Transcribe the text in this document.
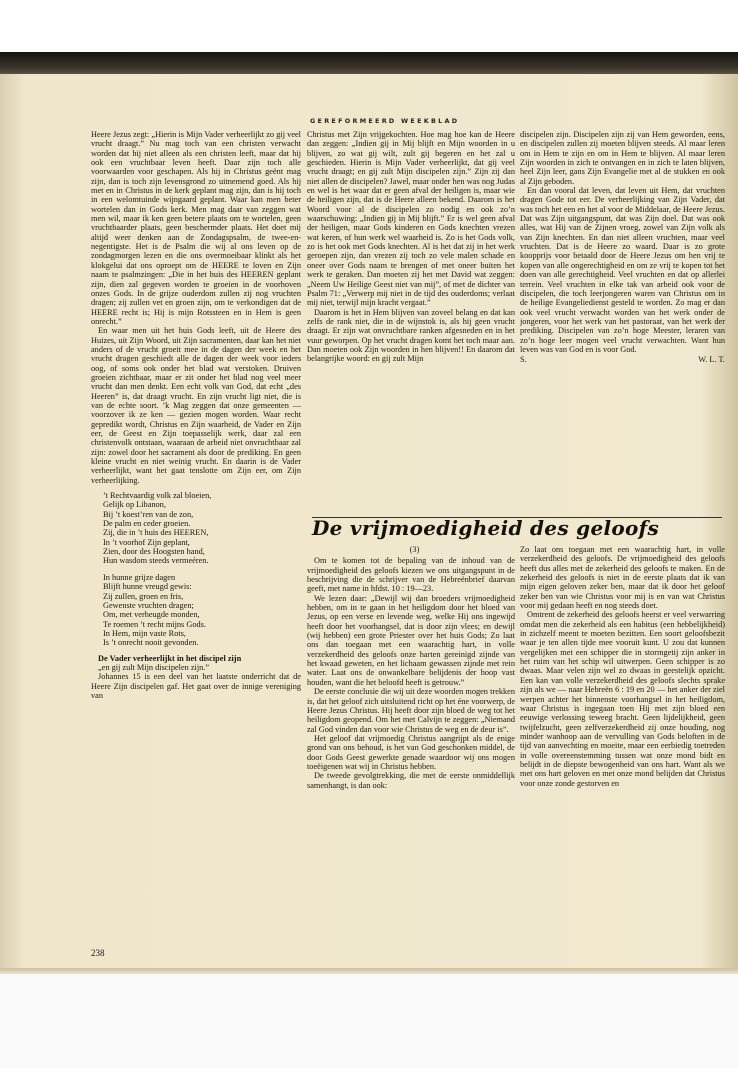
GEREFORMEERD WEEKBLAD

Heere Jezus zegt: „Hierin is Mijn Vader verheerlijkt zo gij veel vrucht draagt.” Nu mag toch van een christen verwacht worden dat hij niet alleen als een christen leeft, maar dat hij ook een vruchtbaar leven heeft. Daar zijn toch alle voorwaarden voor geschapen. Als hij in Christus geënt mag zijn, dan is toch zijn levensgrond zo uitnemend goed. Als hij met en in Christus in de kerk geplant mag zijn, dan is hij toch in een welomtuinde wijngaard geplant. Waar kan men beter wortelen dan in Gods kerk. Men mag daar van zeggen wat men wil, maar ik ken geen betere plaats om te wortelen, geen vruchtbaarder plaats, geen beschermder plaats. Het doet mij altijd weer denken aan de Zondagspsalm, de twee-en-negentigste. Het is de Psalm die wij al ons leven op de zondagmorgen lezen en die ons overmoeibaar klinkt als het klokgelui dat ons oproept om de HEERE te loven en Zijn naam te psalmzingen: „Die in het huis des HEEREN geplant zijn, dien zal gegeven worden te groeien in de voorhoven onzes Gods. In de grijze ouderdom zullen zij nog vruchten dragen; zij zullen vet en groen zijn, om te verkondigen dat de HEERE recht is; Hij is mijn Rotssteen en in Hem is geen onrecht.”

En waar men uit het huis Gods leeft, uit de Heere des Huizes, uit Zijn Woord, uit Zijn sacramenten, daar kan het niet anders of de vrucht groeit mee in de dagen der week en het vrucht dragen geschiedt alle de dagen der week voor ieders oog, of soms ook onder het blad wat verstoken. Druiven groeien zichtbaar, maar er zit onder het blad nog veel meer vrucht dan men denkt. Een echt volk van God, dat echt „des Heeren” is, dat draagt vrucht. En zijn vrucht ligt niet, die is van de echte soort. ’k Mag zeggen dat onze gemeenten — voorzover ik ze ken — gezien mogen worden. Waar recht gepredikt wordt, Christus en Zijn waarheid, de Vader en Zijn eer, de Geest en Zijn toepasselijk werk, daar zal een christenvolk ontstaan, waaraan de arbeid niet onvruchtbaar zal zijn: zowel door het sacrament als door de prediking. En geen kleine vrucht en niet weinig vrucht. En daarin is de Vader verheerlijkt, want het gaat tenslotte om Zijn eer, om Zijn verheerlijking.

’t Rechtvaardig volk zal bloeien,
Gelijk op Libanon,
Bij ’t koest’ren van de zon,
De palm en ceder groeien.
Zij, die in ’t huis des HEEREN,
In ’t voorhof Zijn geplant,
Zien, door des Hoogsten hand,
Hun wasdom steeds vermeéren.
In hunne grijze dagen
Blijft hunne vreugd gewis:
Zij zullen, groen en fris,
Gewenste vruchten dragen;
Om, met verheugde monden,
Te roemen ’t recht mijns Gods.
In Hem, mijn vaste Rots,
Is ’t onrecht nooit gevonden.

De Vader verheerlijkt in het discipel zijn

„en gij zult Mijn discipelen zijn.”

Johannes 15 is een deel van het laatste onderricht dat de Heere Zijn discipelen gaf. Het gaat over de innige vereniging van

Christus met Zijn vrijgekochten. Hoe mag hoe kan de Heere dan zeggen: „Indien gij in Mij blijft en Mijn woorden in u blijven, zo wat gij wilt, zult gij begeren en het zal u geschieden. Hierin is Mijn Vader verheerlijkt, dat gij veel vrucht draagt; en gij zult Mijn discipelen zijn.” Zijn zij dan niet allen de discipelen? Jawel, maar onder hen was nog Judas en wel is het waar dat er geen afval der heiligen is, maar wie de heiligen zijn, dat is de Heere alleen bekend. Daarom is het Woord voor al de discipelen zo nodig en ook zo’n waarschuwing: „Indien gij in Mij blijft.” Er is wel geen afval der heiligen, maar Gods kinderen en Gods knechten vrezen wat keren, of hun werk wel waarheid is. Zo is het Gods volk, zo is het ook met Gods knechten. Al is het dat zij in het werk geroepen zijn, dan vrezen zij toch zo vele malen schade en oneer over Gods naam te brengen of met oneer buiten het werk te geraken. Dan moeten zij het met David wat zeggen: „Neem Uw Heilige Geest niet van mij”, of met de dichter van Psalm 71: „Verwerp mij niet in de tijd des ouderdoms; verlaat mij niet, terwijl mijn kracht vergaat.”

Daarom is het in Hem blijven van zoveel belang en dat kan zelfs de rank niet, die in de wijnstok is, als hij geen vrucht draagt. Er zijn wat onvruchtbare ranken afgesneden en in het vuur geworpen. Op het vrucht dragen komt het toch maar aan. Dan moeten ook Zijn woorden in hen blijven!! En daarom dat belangrijke woord: en gij zult Mijn

discipelen zijn. Discipelen zijn zij van Hem geworden, eens, en discipelen zullen zij moeten blijven steeds. Al maar leren om in Hem te zijn en om in Hem te blijven. Al maar leren Zijn woorden in zich te ontvangen en in zich te laten blijven, heel Zijn leer, gans Zijn Evangelie met al de stukken en ook al Zijn geboden.

En dan vooral dat leven, dat leven uit Hem, dat vruchten dragen Gode tot eer. De verheerlijking van Zijn Vader, dat was toch het een en het al voor de Middelaar, de Heere Jezus. Dat was Zijn uitgangspunt, dat was Zijn doel. Dat was ook alles, wat Hij van de Zijnen vroeg, zowel van Zijn volk als van Zijn knechten. En dan niet alleen vruchten, maar veel vruchten. Dat is de Heere zo waard. Daar is zo grote koopprijs voor betaald door de Heere Jezus om hen vrij te kopen van alle ongerechtigheid en om ze vrij te kopen tot het doen van alle gerechtigheid. Veel vruchten en dat op allerlei terrein. Veel vruchten in elke tak van arbeid ook voor de discipelen, die toch leerjongeren waren van Christus om in de heilige Evangeliedienst gesteld te worden. Zo mag er dan ook veel vrucht verwacht worden van het werk onder de jongeren, voor het werk van het pastoraat, van het werk der prediking. Discipelen van zo’n hoge Meester, leraren van zo’n hoge leer mogen veel vrucht verwachten. Want hun leven was van God en is voor God.

S.	W. L. T.
De vrijmoedigheid des geloofs

(3)

Om te komen tot de bepaling van de inhoud van de vrijmoedigheid des geloofs kiezen we ons uitgangspunt in de beschrijving die de schrijver van de Hebreënbrief daarvan geeft, met name in hfdst. 10 : 19—23.

We lezen daar: „Dewijl wij dan broeders vrijmoedigheid hebben, om in te gaan in het heiligdom door het bloed van Jezus, op een verse en levende weg, welke Hij ons ingewijd heeft door het voorhangsel, dat is door zijn vlees; en dewijl (wij hebben) een grote Priester over het huis Gods; Zo laat ons dan toegaan met een waarachtig hart, in volle verzekerdheid des geloofs onze harten gereinigd zijnde van het kwaad geweten, en het lichaam gewassen zijnde met rein water. Laat ons de onwankelbare belijdenis der hoop vast houden, want die het beloofd heeft is getrouw.”

De eerste conclusie die wij uit deze woorden mogen trekken is, dat het geloof zich uitsluitend richt op het éne voorwerp, de Heere Jezus Christus. Hij heeft door zijn bloed de weg tot het heiligdom geopend. Om het met Calvijn te zeggen: „Niemand zal God vinden dan voor wie Christus de weg en de deur is”.

Het geloof dat vrijmoedig Christus aangrijpt als de enige grond van ons behoud, is het van God geschonken middel, de door Gods Geest gewerkte genade waardoor wij ons mogen toeëigenen wat wij in Christus hebben.

De tweede gevolgtrekking, die met de eerste onmiddellijk samenhangt, is dan ook:

Zo laat ons toegaan met een waarachtig hart, in volle verzekerdheid des geloofs. De vrijmoedigheid des geloofs heeft dus alles met de zekerheid des geloofs te maken. En de zekerheid des geloofs is niet in de eerste plaats dat ik van mijn eigen geloven zeker ben, maar dat ik door het geloof zeker ben van wie Christus voor mij is en van wat Christus voor mij gedaan heeft en nog steeds doet.

Omtrent de zekerheid des geloofs heerst er veel verwarring omdat men die zekerheid als een habitus (een hebbelijkheid) in zichzelf meent te moeten bezitten. Een soort geloofsbezit waar je ten allen tijde mee vooruit kunt. U zou dat kunnen vergelijken met een schipper die in stormgetij zijn anker in het ruim van het schip wil uitwerpen. Geen schipper is zo dwaas. Maar velen zijn wel zo dwaas in geestelijk opzicht. Een kan van volle verzekerdheid des geloofs slechts sprake zijn als we — naar Hebreën 6 : 19 en 20 — het anker der ziel werpen achter het binnenste voorhangsel in het heiligdom, waar Christus is ingegaan toen Hij met zijn bloed een eeuwige verlossing teweeg bracht. Geen lijdelijkheid, geen twijfelzucht, geen zelfverzekerdheid zij onze houding, nog minder wanhoop aan de vervulling van Gods beloften in de tijd van aanvechting en moeite, maar een eerbiedig toetreden in volle overeenstemming tussen wat onze mond bidt en belijdt in de diepste bewogenheid van ons hart. Want als we met ons hart geloven en met onze mond belijden dat Christus voor onze zonde gestorven en

238
